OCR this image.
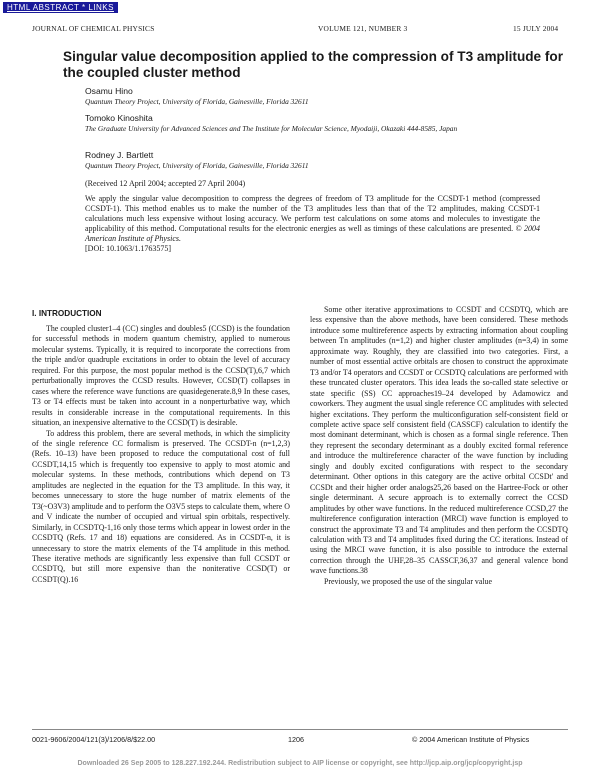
HTML ABSTRACT * LINKS
JOURNAL OF CHEMICAL PHYSICS	VOLUME 121, NUMBER 3	15 JULY 2004
Singular value decomposition applied to the compression of T3 amplitude for the coupled cluster method
Osamu Hino
Quantum Theory Project, University of Florida, Gainesville, Florida 32611
Tomoko Kinoshita
The Graduate University for Advanced Sciences and The Institute for Molecular Science, Myodaiji, Okazaki 444-8585, Japan
Rodney J. Bartlett
Quantum Theory Project, University of Florida, Gainesville, Florida 32611
(Received 12 April 2004; accepted 27 April 2004)
We apply the singular value decomposition to compress the degrees of freedom of T3 amplitude for the CCSDT-1 method (compressed CCSDT-1). This method enables us to make the number of the T3 amplitudes less than that of the T2 amplitudes, making CCSDT-1 calculations much less expensive without losing accuracy. We perform test calculations on some atoms and molecules to investigate the applicability of this method. Computational results for the electronic energies as well as timings of these calculations are presented. © 2004 American Institute of Physics.
[DOI: 10.1063/1.1763575]
I. INTRODUCTION

The coupled cluster1–4 (CC) singles and doubles5 (CCSD) is the foundation for successful methods in modern quantum chemistry, applied to numerous molecular systems. Typically, it is required to incorporate the corrections from the triple and/or quadruple excitations in order to obtain the level of accuracy required. For this purpose, the most popular method is the CCSD(T),6,7 which perturbationally improves the CCSD results. However, CCSD(T) collapses in cases where the reference wave functions are quasidegenerate.8,9 In these cases, T3 or T4 effects must be taken into account in a nonperturbative way, which results in considerable increase in the computational requirements. In this situation, an inexpensive alternative to the CCSD(T) is desirable.

To address this problem, there are several methods, in which the simplicity of the single reference CC formalism is preserved. The CCSDT-n (n=1,2,3) (Refs. 10–13) have been proposed to reduce the computational cost of full CCSDT,14,15 which is frequently too expensive to apply to most atomic and molecular systems. In these methods, contributions which depend on T3 amplitudes are neglected in the equation for the T3 amplitude. In this way, it becomes unnecessary to store the huge number of matrix elements of the T3(~O3V3) amplitude and to perform the O3V5 steps to calculate them, where O and V indicate the number of occupied and virtual spin orbitals, respectively. Similarly, in CCSDTQ-1,16 only those terms which appear in lowest order in the CCSDTQ (Refs. 17 and 18) equations are considered. As in CCSDT-n, it is unnecessary to store the matrix elements of the T4 amplitude in this method. These iterative methods are significantly less expensive than full CCSDT or CCSDTQ, but still more expensive than the noniterative CCSD(T) or CCSDT(Q).16

Some other iterative approximations to CCSDT and CCSDTQ, which are less expensive than the above methods, have been considered. These methods introduce some multireference aspects by extracting information about coupling between Tn amplitudes (n=1,2) and higher cluster amplitudes (n=3,4) in some approximate way. Roughly, they are classified into two categories. First, a number of most essential active orbitals are chosen to construct the approximate T3 and/or T4 operators and CCSDT or CCSDTQ calculations are performed with these truncated cluster operators. This idea leads the so-called state selective or state specific (SS) CC approaches19–24 developed by Adamowicz and coworkers. They augment the usual single reference CC amplitudes with selected higher excitations. They perform the multiconfiguration self-consistent field or complete active space self consistent field (CASSCF) calculation to identify the most dominant determinant, which is chosen as a formal single reference. Then they represent the secondary determinant as a doubly excited formal reference and introduce the multireference character of the wave function by including singly and doubly excited configurations with respect to the secondary determinant. Other options in this category are the active orbital CCSDt' and CCSDt and their higher order analogs25,26 based on the Hartree-Fock or other single determinant. A secure approach is to externally correct the CCSD amplitudes by other wave functions. In the reduced multireference CCSD,27 the multireference configuration interaction (MRCI) wave function is employed to construct the approximate T3 and T4 amplitudes and then perform the CCSDTQ calculation with T3 and T4 amplitudes fixed during the CC iterations. Instead of using the MRCI wave function, it is also possible to introduce the external correction through the UHF,28–35 CASSCF,36,37 and general valence bond wave functions.38

Previously, we proposed the use of the singular value

0021-9606/2004/121(3)/1206/8/$22.00	1206	© 2004 American Institute of Physics
Downloaded 26 Sep 2005 to 128.227.192.244. Redistribution subject to AIP license or copyright, see http://jcp.aip.org/jcp/copyright.jsp
